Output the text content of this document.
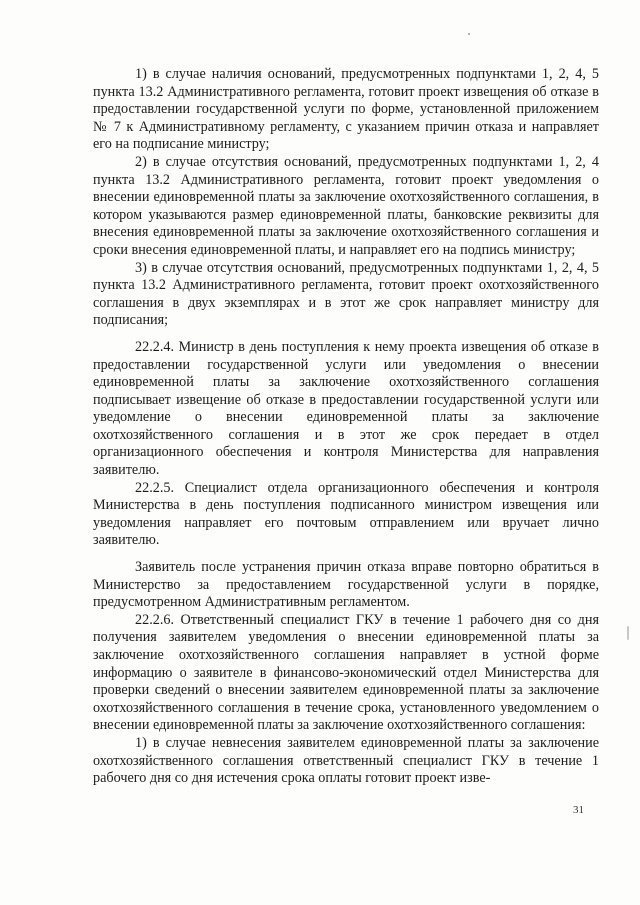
1) в случае наличия оснований, предусмотренных подпунктами 1, 2, 4, 5 пункта 13.2 Административного регламента, готовит проект извещения об отказе в предоставлении государственной услуги по форме, установленной приложением № 7 к Административному регламенту, с указанием причин отказа и направляет его на подписание министру;

2) в случае отсутствия оснований, предусмотренных подпунктами 1, 2, 4 пункта 13.2 Административного регламента, готовит проект уведомления о внесении единовременной платы за заключение охотхозяйственного соглашения, в котором указываются размер единовременной платы, банковские реквизиты для внесения единовременной платы за заключение охотхозяйственного соглашения и сроки внесения единовременной платы, и направляет его на подпись министру;

3) в случае отсутствия оснований, предусмотренных подпунктами 1, 2, 4, 5 пункта 13.2 Административного регламента, готовит проект охотхозяйственного соглашения в двух экземплярах и в этот же срок направляет министру для подписания;

22.2.4. Министр в день поступления к нему проекта извещения об отказе в предоставлении государственной услуги или уведомления о внесении единовременной платы за заключение охотхозяйственного соглашения подписывает извещение об отказе в предоставлении государственной услуги или уведомление о внесении единовременной платы за заключение охотхозяйственного соглашения и в этот же срок передает в отдел организационного обеспечения и контроля Министерства для направления заявителю.

22.2.5. Специалист отдела организационного обеспечения и контроля Министерства в день поступления подписанного министром извещения или уведомления направляет его почтовым отправлением или вручает лично заявителю.

Заявитель после устранения причин отказа вправе повторно обратиться в Министерство за предоставлением государственной услуги в порядке, предусмотренном Административным регламентом.

22.2.6. Ответственный специалист ГКУ в течение 1 рабочего дня со дня получения заявителем уведомления о внесении единовременной платы за заключение охотхозяйственного соглашения направляет в устной форме информацию о заявителе в финансово-экономический отдел Министерства для проверки сведений о внесении заявителем единовременной платы за заключение охотхозяйственного соглашения в течение срока, установленного уведомлением о внесении единовременной платы за заключение охотхозяйственного соглашения:

1) в случае невнесения заявителем единовременной платы за заключение охотхозяйственного соглашения ответственный специалист ГКУ в течение 1 рабочего дня со дня истечения срока оплаты готовит проект изве-

31
